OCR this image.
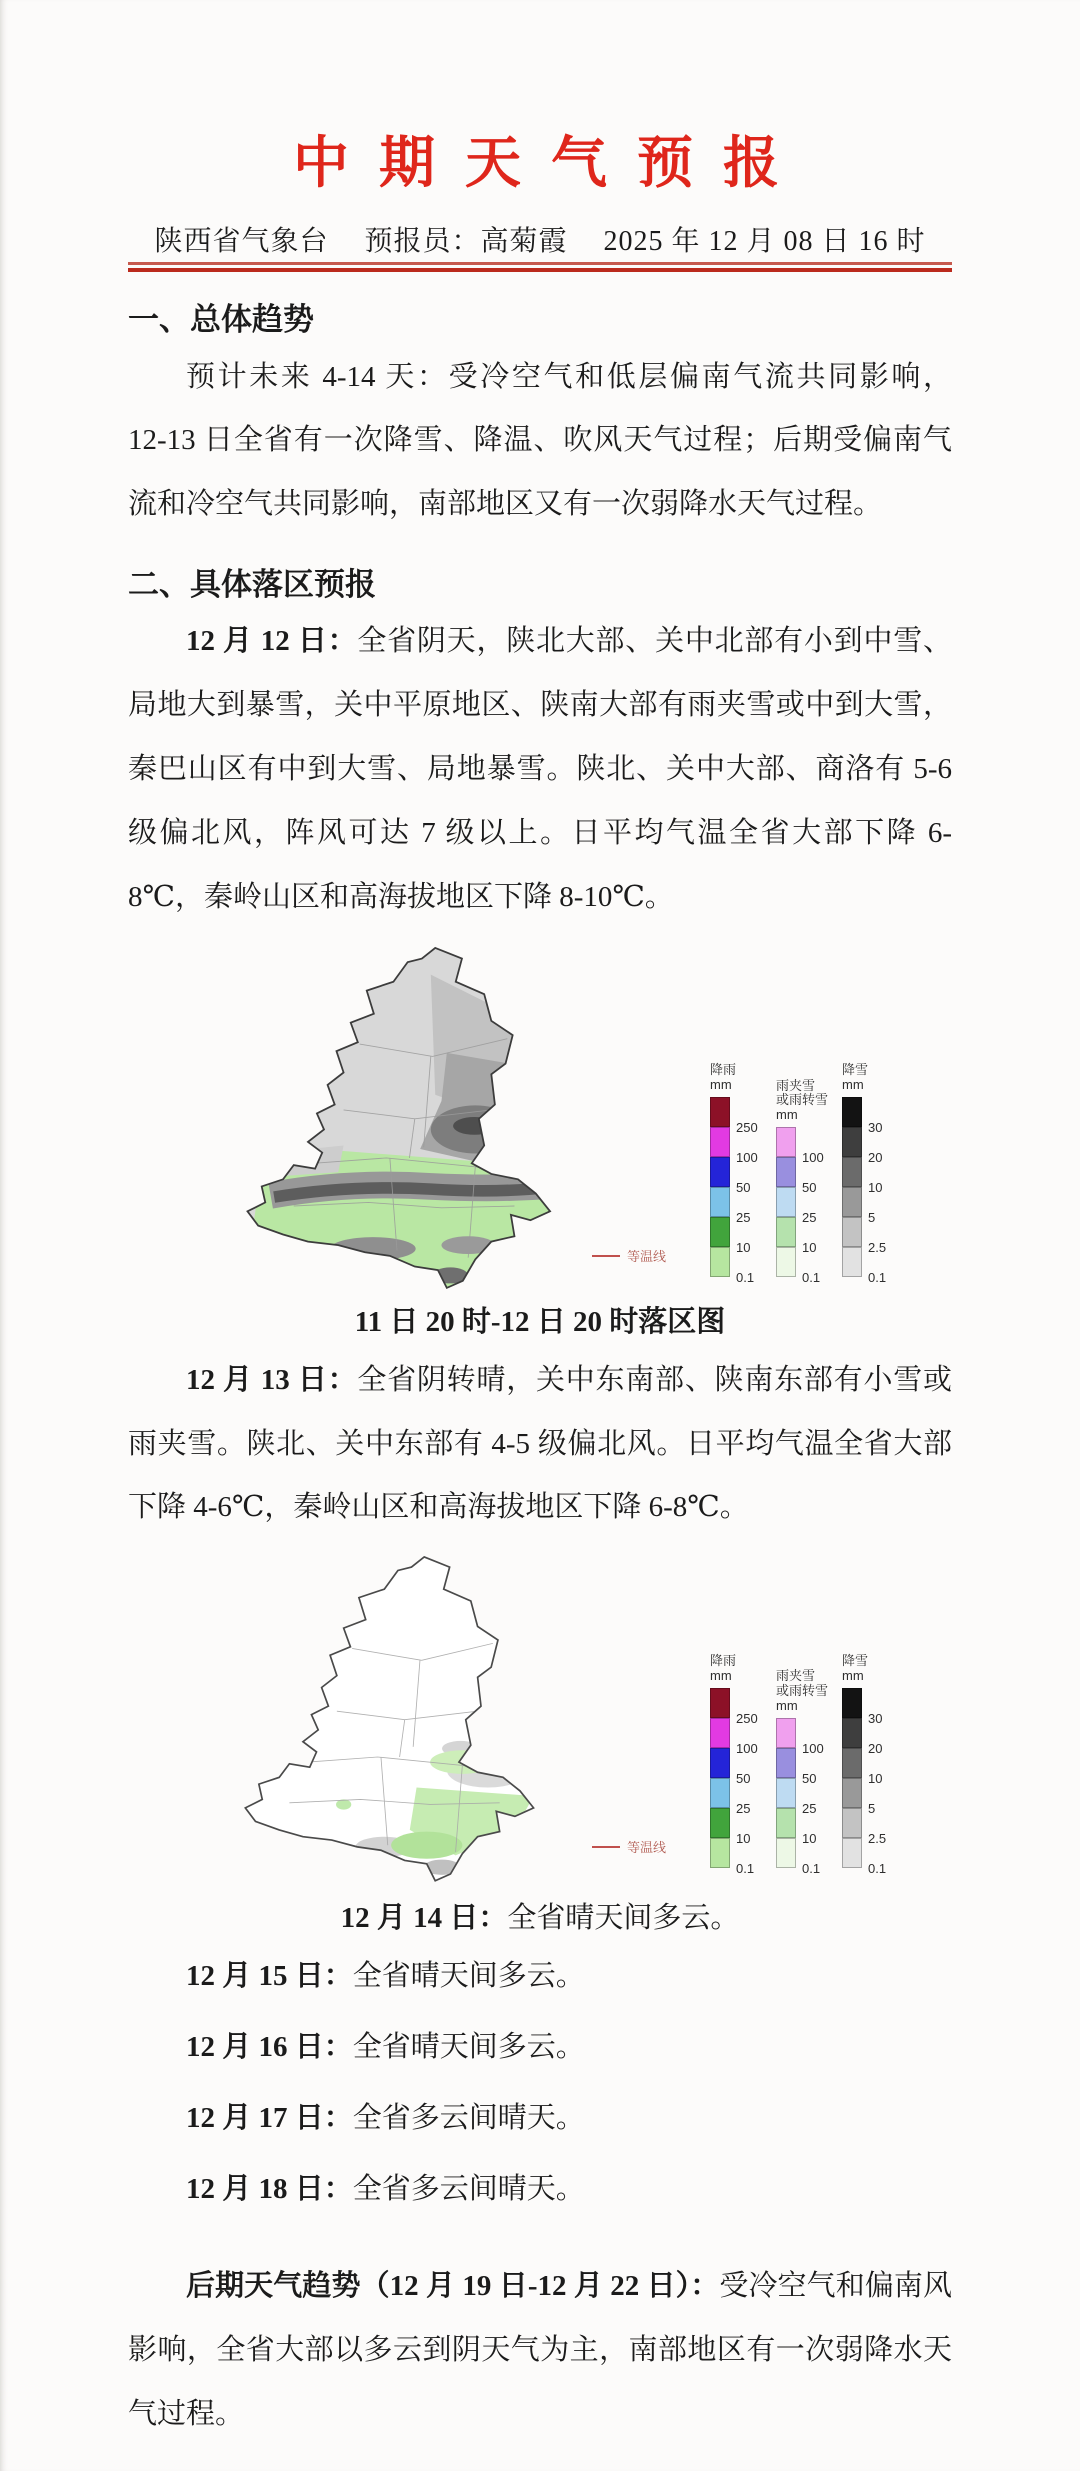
中 期 天 气 预 报
陕西省气象台 预报员：高菊霞 2025 年 12 月 08 日 16 时
一、总体趋势

预计未来 4-14 天：受冷空气和低层偏南气流共同影响，    12-13 日全省有一次降雪、降温、吹风天气过程；后期受偏南气流和冷空气共同影响，南部地区又有一次弱降水天气过程。

二、具体落区预报

12 月 12 日：全省阴天，陕北大部、关中北部有小到中雪、局地大到暴雪，关中平原地区、陕南大部有雨夹雪或中到大雪，秦巴山区有中到大雪、局地暴雪。陕北、关中大部、商洛有 5-6 级偏北风，阵风可达 7 级以上。日平均气温全省大部下降 6-8℃，秦岭山区和高海拔地区下降 8-10℃。

等温线
降雨
mm
250
100
50
25
10
0.1
雨夹雪
或雨转雪
mm
100
50
25
10
0.1
降雪
mm
30
20
10
5
2.5
0.1
11 日 20 时-12 日 20 时落区图

12 月 13 日：全省阴转晴，关中东南部、陕南东部有小雪或雨夹雪。陕北、关中东部有 4-5 级偏北风。日平均气温全省大部下降 4-6℃，秦岭山区和高海拔地区下降 6-8℃。

等温线
降雨
mm
250
100
50
25
10
0.1
雨夹雪
或雨转雪
mm
100
50
25
10
0.1
降雪
mm
30
20
10
5
2.5
0.1

12 月 14 日：全省晴天间多云。

12 月 15 日：全省晴天间多云。

12 月 16 日：全省晴天间多云。

12 月 17 日：全省多云间晴天。

12 月 18 日：全省多云间晴天。

后期天气趋势（12 月 19 日-12 月 22 日）：受冷空气和偏南风影响，全省大部以多云到阴天气为主，南部地区有一次弱降水天气过程。
